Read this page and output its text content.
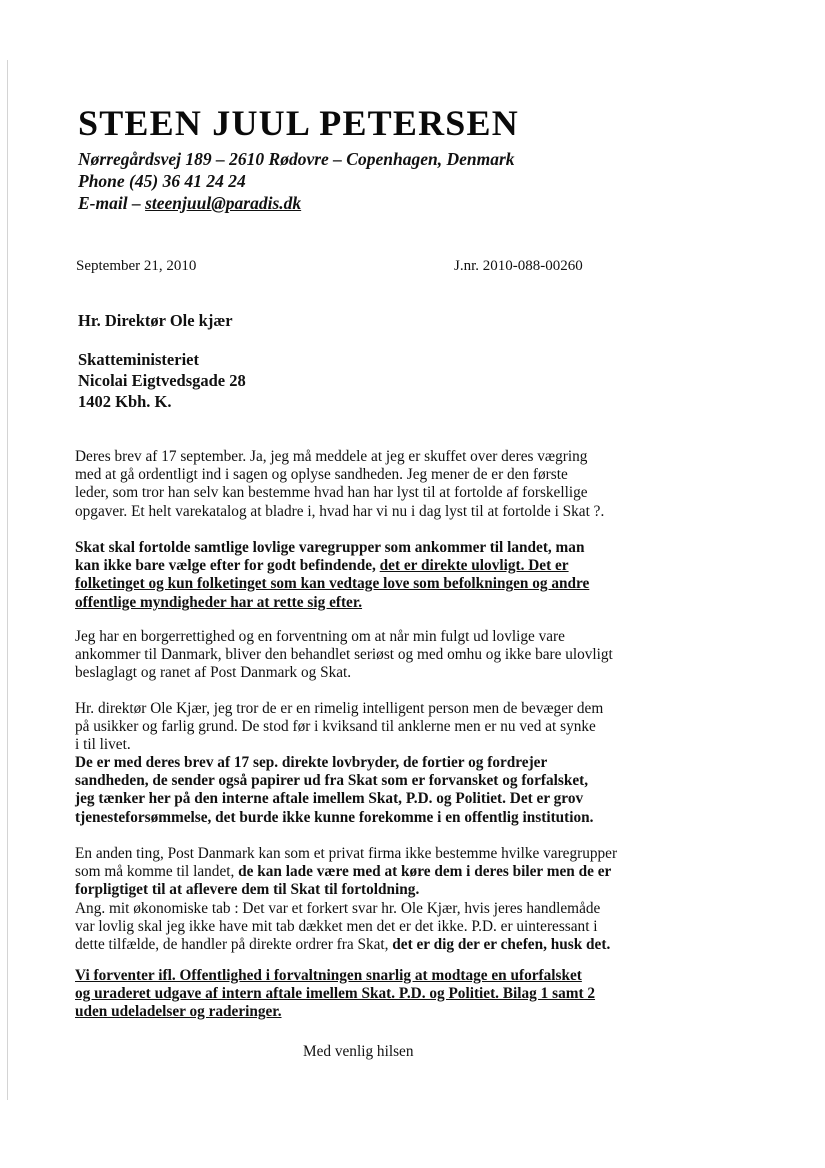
STEEN JUUL PETERSEN
Nørregårdsvej 189 – 2610 Rødovre – Copenhagen, Denmark
Phone (45) 36 41 24 24
E-mail – steenjuul@paradis.dk
September 21, 2010	J.nr. 2010-088-00260
Hr. Direktør Ole kjær
Skatteministeriet
Nicolai Eigtvedsgade 28
1402 Kbh. K.
Deres brev af 17 september. Ja, jeg må meddele at jeg er skuffet over deres vægring
med at gå ordentligt ind i sagen og oplyse sandheden. Jeg mener de er den første
leder, som tror han selv kan bestemme hvad han har lyst til at fortolde af forskellige
opgaver. Et helt varekatalog at bladre i, hvad har vi nu i dag lyst til at fortolde i Skat ?.
Skat skal fortolde samtlige lovlige varegrupper som ankommer til landet, man
kan ikke bare vælge efter for godt befindende, det er direkte ulovligt. Det er
folketinget og kun folketinget som kan vedtage love som befolkningen og andre
offentlige myndigheder har at rette sig efter.
Jeg har en borgerrettighed og en forventning om at når min fulgt ud lovlige vare
ankommer til Danmark, bliver den behandlet seriøst og med omhu og ikke bare ulovligt
beslaglagt og ranet af Post Danmark og Skat.
Hr. direktør Ole Kjær, jeg tror de er en rimelig intelligent person men de bevæger dem
på usikker og farlig grund. De stod før i kviksand til anklerne men er nu ved at synke
i til livet.
De er med deres brev af 17 sep. direkte lovbryder, de fortier og fordrejer
sandheden, de sender også papirer ud fra Skat som er forvansket og forfalsket,
jeg tænker her på den interne aftale imellem Skat, P.D. og Politiet. Det er grov
tjenesteforsømmelse, det burde ikke kunne forekomme i en offentlig institution.
En anden ting, Post Danmark kan som et privat firma ikke bestemme hvilke varegrupper
som må komme til landet, de kan lade være med at køre dem i deres biler men de er
forpligtiget til at aflevere dem til Skat til fortoldning.
Ang. mit økonomiske tab : Det var et forkert svar hr. Ole Kjær, hvis jeres handlemåde
var lovlig skal jeg ikke have mit tab dækket men det er det ikke. P.D. er uinteressant i
dette tilfælde, de handler på direkte ordrer fra Skat, det er dig der er chefen, husk det.
Vi forventer ifl. Offentlighed i forvaltningen snarlig at modtage en uforfalsket
og uraderet udgave af intern aftale imellem Skat. P.D. og Politiet. Bilag 1 samt 2
uden udeladelser og raderinger.
Med venlig hilsen
